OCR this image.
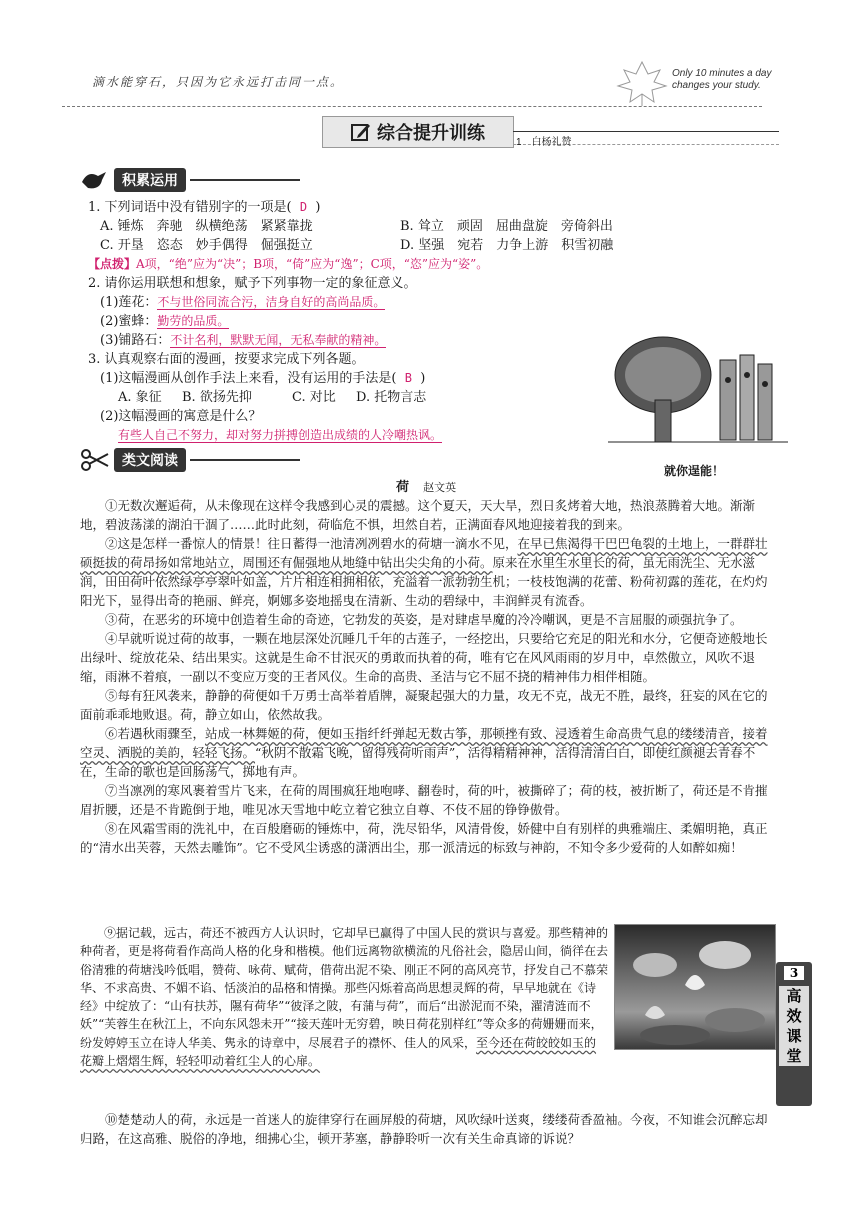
滴水能穿石，只因为它永远打击同一点。
Only 10 minutes a day
changes your study.
综合提升训练	1　白杨礼赞
积累运用
1. 下列词语中没有错别字的一项是( D )
A. 锤炼　奔驰　纵横绝荡　紧紧靠拢	B. 耸立　顽固　屈曲盘旋　旁倚斜出
C. 开垦　恣态　妙手偶得　倔强挺立	D. 坚强　宛若　力争上游　积雪初融
【点拨】A项，“绝”应为“决”；B项，“倚”应为“逸”；C项，“恣”应为“姿”。
2. 请你运用联想和想象，赋予下列事物一定的象征意义。
(1)莲花：不与世俗同流合污，洁身自好的高尚品质。
(2)蜜蜂：勤劳的品质。
(3)铺路石：不计名利，默默无闻，无私奉献的精神。
3. 认真观察右面的漫画，按要求完成下列各题。
(1)这幅漫画从创作手法上来看，没有运用的手法是( B )
A. 象征 B. 欲扬先抑	C. 对比 D. 托物言志
(2)这幅漫画的寓意是什么？
有些人自己不努力，却对努力拼搏创造出成绩的人冷嘲热讽。
就你逞能！
类文阅读
荷 赵文英

①无数次邂逅荷，从未像现在这样令我感到心灵的震撼。这个夏天，天大旱，烈日炙烤着大地，热浪蒸腾着大地。渐渐地，碧波荡漾的湖泊干涸了……此时此刻，荷临危不惧，坦然自若，正满面春风地迎接着我的到来。

②这是怎样一番惊人的情景！往日蓄得一池清冽冽碧水的荷塘一滴水不见，在早已焦渴得干巴巴龟裂的土地上，一群群壮硕挺拔的荷昂扬如常地站立，周围还有倔强地从地缝中钻出尖尖角的小荷。原来在水里生水里长的荷，虽无雨洗尘、无水滋润，田田荷叶依然绿亭亭翠叶如盖，片片相连相拥相依，充溢着一派勃勃生机；一枝枝饱满的花蕾、粉荷初露的莲花，在灼灼阳光下，显得出奇的艳丽、鲜亮，婀娜多姿地摇曳在清新、生动的碧绿中，丰润鲜灵有流香。

③荷，在恶劣的环境中创造着生命的奇迹，它勃发的英姿，是对肆虐旱魔的冷冷嘲讽，更是不言屈服的顽强抗争了。

④早就听说过荷的故事，一颗在地层深处沉睡几千年的古莲子，一经挖出，只要给它充足的阳光和水分，它便奇迹般地长出绿叶、绽放花朵、结出果实。这就是生命不甘泯灭的勇敢而执着的荷，唯有它在风风雨雨的岁月中，卓然傲立，风吹不退缩，雨淋不着痕，一副以不变应万变的王者风仪。生命的高贵、圣洁与它不屈不挠的精神伟力相伴相随。

⑤每有狂风袭来，静静的荷便如千万勇士高举着盾牌，凝聚起强大的力量，攻无不克，战无不胜，最终，狂妄的风在它的面前乖乖地败退。荷，静立如山，依然故我。

⑥若遇秋雨骤至，站成一林舞姬的荷，便如玉指纤纤弹起无数古筝，那顿挫有致、浸透着生命高贵气息的缕缕清音，接着空灵、洒脱的美韵，轻轻飞扬。“秋阴不散霜飞晚，留得残荷听雨声”，活得精精神神，活得清清白白，即使红颜褪去青春不在，生命的歌也是回肠荡气，掷地有声。

⑦当凛冽的寒风裹着雪片飞来，在荷的周围疯狂地咆哮、翻卷时，荷的叶，被撕碎了；荷的枝，被折断了，荷还是不肯摧眉折腰，还是不肯跪倒于地，唯见冰天雪地中屹立着它独立自尊、不伎不屈的铮铮傲骨。

⑧在风霜雪雨的洗礼中，在百般磨砺的锤炼中，荷，洗尽铅华，风清骨俊，娇健中自有别样的典雅端庄、柔媚明艳，真正的“清水出芙蓉，天然去雕饰”。它不受风尘诱惑的潇洒出尘，那一派清远的标致与神韵，不知令多少爱荷的人如醉如痴！

⑨据记载，远古，荷还不被西方人认识时，它却早已赢得了中国人民的赏识与喜爱。那些精神的种荷者，更是将荷看作高尚人格的化身和楷模。他们远离物欲横流的凡俗社会，隐居山间，徜徉在去俗清雅的荷塘浅吟低唱，赞荷、咏荷、赋荷，借荷出泥不染、刚正不阿的高风亮节，抒发自己不慕荣华、不求高贵、不媚不谄、恬淡泊的品格和情操。那些闪烁着高尚思想灵辉的荷，早早地就在《诗经》中绽放了：“山有扶苏，隰有荷华”“彼泽之陂，有蒲与荷”，而后“出淤泥而不染，濯清涟而不妖”“芙蓉生在秋江上，不向东风怨未开”“接天莲叶无穷碧，映日荷花别样红”等众多的荷姗姗而来，纷发婷婷玉立在诗人华美、隽永的诗章中，尽展君子的襟怀、佳人的风采，至今还在荷皎皎如玉的花瓣上熠熠生辉，轻轻叩动着红尘人的心扉。

⑩楚楚动人的荷，永远是一首迷人的旋律穿行在画屏般的荷塘，风吹绿叶送爽，缕缕荷香盈袖。今夜，不知谁会沉醉忘却归路，在这高雅、脱俗的净地，细拂心尘，顿开茅塞，静静聆听一次有关生命真谛的诉说？

3
高
效
课
堂
